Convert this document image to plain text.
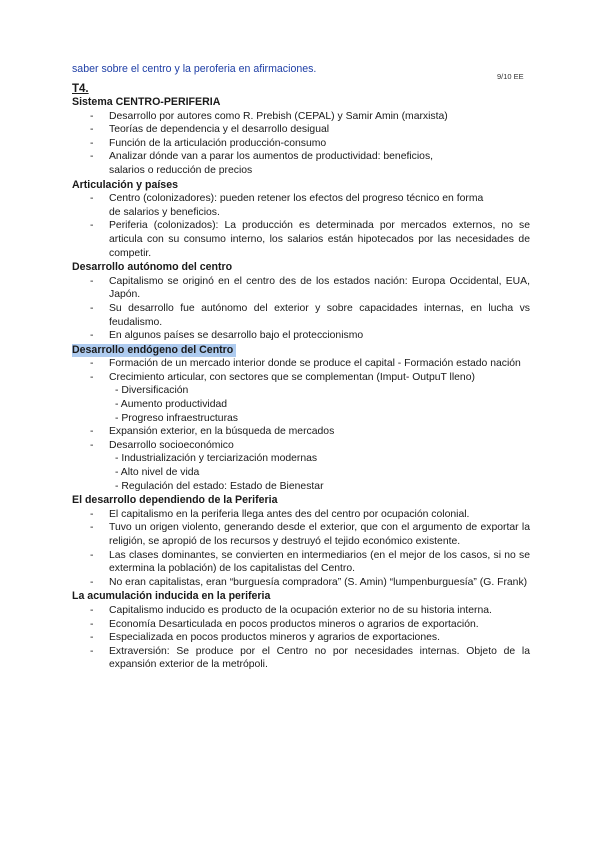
saber sobre el centro y la peroferia en afirmaciones.
9/10 EE
T4.
Sistema CENTRO-PERIFERIA
- Desarrollo por autores como R. Prebish (CEPAL) y Samir Amin (marxista)
- Teorías de dependencia y el desarrollo desigual
- Función de la articulación producción-consumo
- Analizar dónde van a parar los aumentos de productividad: beneficios, salarios o reducción de precios
Articulación y países
- Centro (colonizadores): pueden retener los efectos del progreso técnico en forma de salarios y beneficios.
- Periferia (colonizados): La producción es determinada por mercados externos, no se articula con su consumo interno, los salarios están hipotecados por las necesidades de competir.
Desarrollo autónomo del centro
- Capitalismo se originó en el centro des de los estados nación: Europa Occidental, EUA, Japón.
- Su desarrollo fue autónomo del exterior y sobre capacidades internas, en lucha vs feudalismo.
- En algunos países se desarrollo bajo el proteccionismo
Desarrollo endógeno del Centro
- Formación de un mercado interior donde se produce el capital - Formación estado nación
- Crecimiento articular, con sectores que se complementan (Imput- OutpuT lleno)
- Diversificación
- Aumento productividad
- Progreso infraestructuras
- Expansión exterior, en la búsqueda de mercados
- Desarrollo socioeconómico
- Industrialización y terciarización modernas
- Alto nivel de vida
- Regulación del estado: Estado de Bienestar
El desarrollo dependiendo de la Periferia
- El capitalismo en la periferia llega antes des del centro por ocupación colonial.
- Tuvo un origen violento, generando desde el exterior, que con el argumento de exportar la religión, se apropió de los recursos y destruyó el tejido económico existente.
- Las clases dominantes, se convierten en intermediarios (en el mejor de los casos, si no se extermina la población) de los capitalistas del Centro.
- No eran capitalistas, eran “burguesía compradora” (S. Amin) “lumpenburguesía” (G. Frank)
La acumulación inducida en la periferia
- Capitalismo inducido es producto de la ocupación exterior no de su historia interna.
- Economía Desarticulada en pocos productos mineros o agrarios de exportación.
- Especializada en pocos productos mineros y agrarios de exportaciones.
- Extraversión: Se produce por el Centro no por necesidades internas. Objeto de la expansión exterior de la metrópoli.
